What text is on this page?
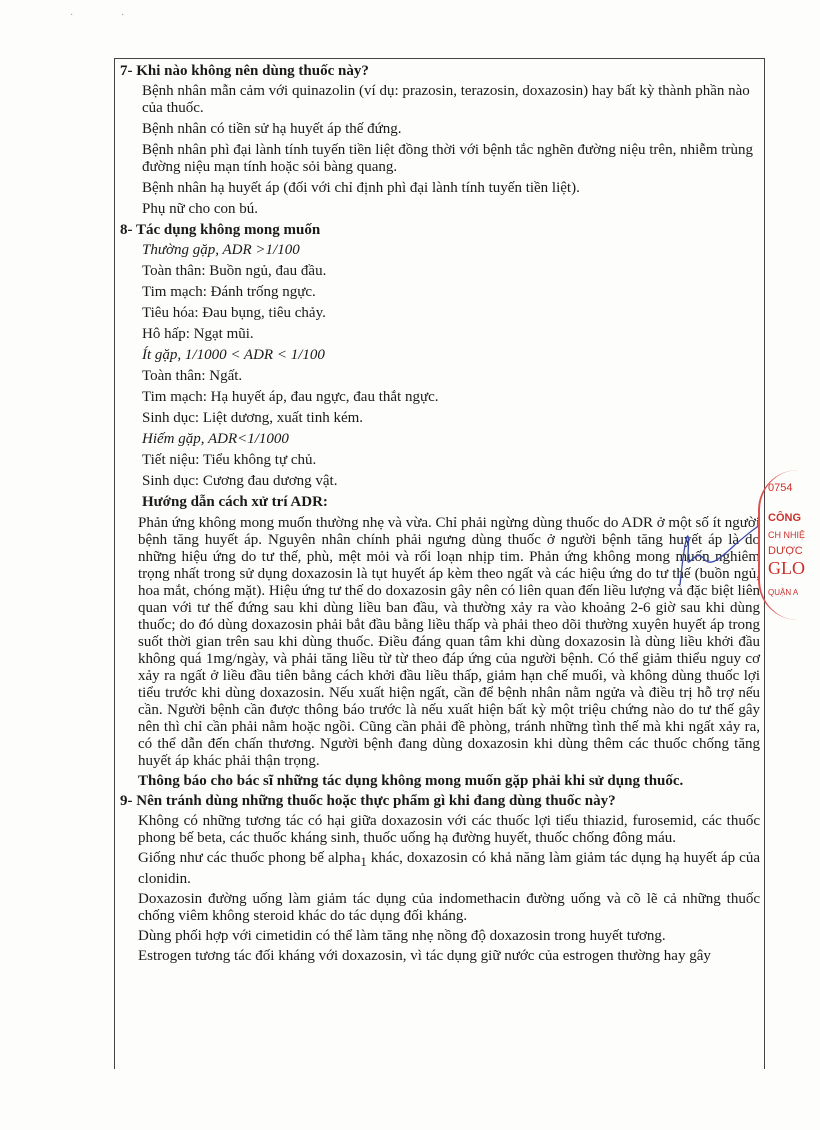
·                   ·
7- Khi nào không nên dùng thuốc này?
Bệnh nhân mẫn cảm với quinazolin (ví dụ: prazosin, terazosin, doxazosin) hay bất kỳ thành phần nào của thuốc.
Bệnh nhân có tiền sử hạ huyết áp thế đứng.
Bệnh nhân phì đại lành tính tuyến tiền liệt đồng thời với bệnh tắc nghẽn đường niệu trên, nhiễm trùng đường niệu mạn tính hoặc sỏi bàng quang.
Bệnh nhân hạ huyết áp (đối với chỉ định phì đại lành tính tuyến tiền liệt).
Phụ nữ cho con bú.
8- Tác dụng không mong muốn
Thường gặp, ADR >1/100
Toàn thân: Buồn ngủ, đau đầu.
Tim mạch: Đánh trống ngực.
Tiêu hóa: Đau bụng, tiêu chảy.
Hô hấp: Ngạt mũi.
Ít gặp, 1/1000 < ADR < 1/100
Toàn thân: Ngất.
Tim mạch: Hạ huyết áp, đau ngực, đau thắt ngực.
Sinh dục: Liệt dương, xuất tinh kém.
Hiếm gặp, ADR<1/1000
Tiết niệu: Tiểu không tự chủ.
Sinh dục: Cương đau dương vật.
Hướng dẫn cách xử trí ADR:
Phản ứng không mong muốn thường nhẹ và vừa. Chỉ phải ngừng dùng thuốc do ADR ở một số ít người bệnh tăng huyết áp. Nguyên nhân chính phải ngưng dùng thuốc ở người bệnh tăng huyết áp là do những hiệu ứng do tư thế, phù, mệt mỏi và rối loạn nhịp tim. Phản ứng không mong muốn nghiêm trọng nhất trong sử dụng doxazosin là tụt huyết áp kèm theo ngất và các hiệu ứng do tư thế (buồn ngủ, hoa mắt, chóng mặt). Hiệu ứng tư thế do doxazosin gây nên có liên quan đến liều lượng và đặc biệt liên quan với tư thế đứng sau khi dùng liều ban đầu, và thường xảy ra vào khoảng 2-6 giờ sau khi dùng thuốc; do đó dùng doxazosin phải bắt đầu bằng liều thấp và phải theo dõi thường xuyên huyết áp trong suốt thời gian trên sau khi dùng thuốc. Điều đáng quan tâm khi dùng doxazosin là dùng liều khởi đầu không quá 1mg/ngày, và phải tăng liều từ từ theo đáp ứng của người bệnh. Có thể giảm thiểu nguy cơ xảy ra ngất ở liều đầu tiên bằng cách khởi đầu liều thấp, giảm hạn chế muối, và không dùng thuốc lợi tiểu trước khi dùng doxazosin. Nếu xuất hiện ngất, cần để bệnh nhân nằm ngửa và điều trị hỗ trợ nếu cần. Người bệnh cần được thông báo trước là nếu xuất hiện bất kỳ một triệu chứng nào do tư thế gây nên thì chỉ cần phải nằm hoặc ngồi. Cũng cần phải đề phòng, tránh những tình thế mà khi ngất xảy ra, có thể dẫn đến chấn thương. Người bệnh đang dùng doxazosin khi dùng thêm các thuốc chống tăng huyết áp khác phải thận trọng.
Thông báo cho bác sĩ những tác dụng không mong muốn gặp phải khi sử dụng thuốc.
9- Nên tránh dùng những thuốc hoặc thực phẩm gì khi đang dùng thuốc này?
Không có những tương tác có hại giữa doxazosin với các thuốc lợi tiểu thiazid, furosemid, các thuốc phong bế beta, các thuốc kháng sinh, thuốc uống hạ đường huyết, thuốc chống đông máu.
Giống như các thuốc phong bế alpha$_1$ khác, doxazosin có khả năng làm giảm tác dụng hạ huyết áp của clonidin.
Doxazosin đường uống làm giảm tác dụng của indomethacin đường uống và cõ lẽ cả những thuốc chống viêm không steroid khác do tác dụng đối kháng.
Dùng phối hợp với cimetidin có thể làm tăng nhẹ nồng độ doxazosin trong huyết tương.
Estrogen tương tác đối kháng với doxazosin, vì tác dụng giữ nước của estrogen thường hay gây
0754
CÔNG
CH NHIỆ
DƯỢC
GLO
QUẬN A
